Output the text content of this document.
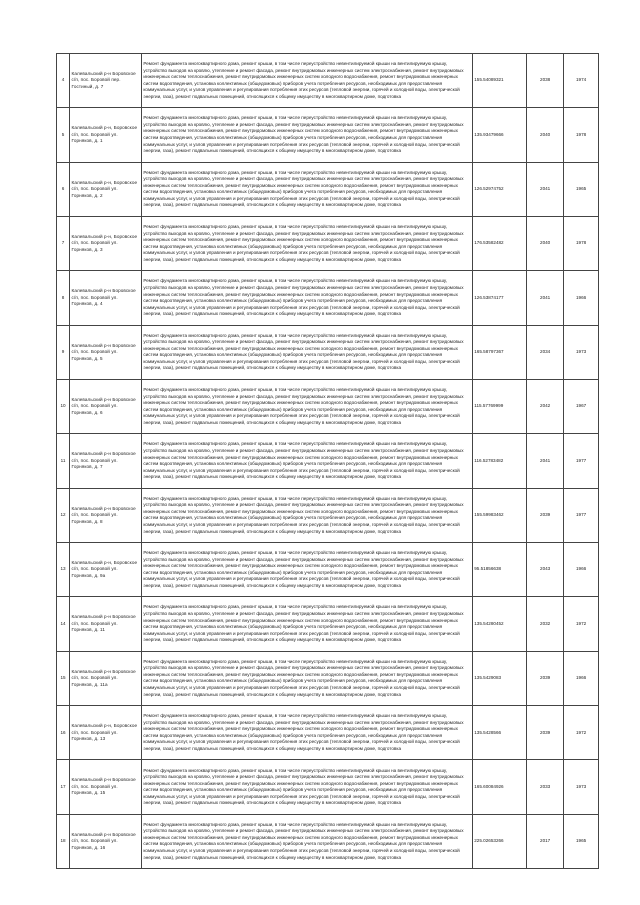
4	Калевальский р-н Боровское с/п, пос. Боровой пер. Гостиный, д. 7	Ремонт фундамента многоквартирного дома, ремонт крыши, в том числе переустройство невентилируемой крыши на вентилируемую крышу, устройство выходов на кровлю, утепление и ремонт фасада, ремонт внутридомовых инженерных систем электроснабжения, ремонт внутридомовых инженерных систем теплоснабжения, ремонт внутридомовых инженерных систем холодного водоснабжения, ремонт внутридомовых инженерных систем водоотведения, установка коллективных (общедомовых) приборов учета потребления ресурсов, необходимых для предоставления коммунальных услуг, и узлов управления и регулирования потребления этих ресурсов (тепловой энергии, горячей и холодной воды, электрической энергии, газа), ремонт подвальных помещений, относящихся к общему имуществу в многоквартирном доме, подготовка	155.54089321	2038	1974

5	Калевальский р-н, Боровское с/п, пос. Боровой ул. Горняков, д. 1	Ремонт фундамента многоквартирного дома, ремонт крыши, в том числе переустройство невентилируемой крыши на вентилируемую крышу, устройство выходов на кровлю, утепление и ремонт фасада, ремонт внутридомовых инженерных систем электроснабжения, ремонт внутридомовых инженерных систем теплоснабжения, ремонт внутридомовых инженерных систем холодного водоснабжения, ремонт внутридомовых инженерных систем водоотведения, установка коллективных (общедомовых) приборов учета потребления ресурсов, необходимых для предоставления коммунальных услуг, и узлов управления и регулирования потребления этих ресурсов (тепловой энергии, горячей и холодной воды, электрической энергии, газа), ремонт подвальных помещений, относящихся к общему имуществу в многоквартирном доме, подготовка	135.93479666	2040	1978

6	Калевальский р-н, Боровское с/п, пос. Боровой ул. Горняков, д. 2	Ремонт фундамента многоквартирного дома, ремонт крыши, в том числе переустройство невентилируемой крыши на вентилируемую крышу, устройство выходов на кровлю, утепление и ремонт фасада, ремонт внутридомовых инженерных систем электроснабжения, ремонт внутридомовых инженерных систем теплоснабжения, ремонт внутридомовых инженерных систем холодного водоснабжения, ремонт внутридомовых инженерных систем водоотведения, установка коллективных (общедомовых) приборов учета потребления ресурсов, необходимых для предоставления коммунальных услуг, и узлов управления и регулирования потребления этих ресурсов (тепловой энергии, горячей и холодной воды, электрической энергии, газа), ремонт подвальных помещений, относящихся к общему имуществу в многоквартирном доме, подготовка	126.52974752	2041	1965

7	Калевальский р-н, Боровское с/п, пос. Боровой ул. Горняков, д. 3	Ремонт фундамента многоквартирного дома, ремонт крыши, в том числе переустройство невентилируемой крыши на вентилируемую крышу, устройство выходов на кровлю, утепление и ремонт фасада, ремонт внутридомовых инженерных систем электроснабжения, ремонт внутридомовых инженерных систем теплоснабжения, ремонт внутридомовых инженерных систем холодного водоснабжения, ремонт внутридомовых инженерных систем водоотведения, установка коллективных (общедомовых) приборов учета потребления ресурсов, необходимых для предоставления коммунальных услуг, и узлов управления и регулирования потребления этих ресурсов (тепловой энергии, горячей и холодной воды, электрической энергии, газа), ремонт подвальных помещений, относящихся к общему имуществу в многоквартирном доме, подготовка	176.53582482	2040	1978

8	Калевальский р-н Боровское с/п, пос. Боровой ул. Горняков, д. 4	Ремонт фундамента многоквартирного дома, ремонт крыши, в том числе переустройство невентилируемой крыши на вентилируемую крышу, устройство выходов на кровлю, утепление и ремонт фасада, ремонт внутридомовых инженерных систем электроснабжения, ремонт внутридомовых инженерных систем теплоснабжения, ремонт внутридомовых инженерных систем холодного водоснабжения, ремонт внутридомовых инженерных систем водоотведения, установка коллективных (общедомовых) приборов учета потребления ресурсов, необходимых для предоставления коммунальных услуг, и узлов управления и регулирования потребления этих ресурсов (тепловой энергии, горячей и холодной воды, электрической энергии, газа), ремонт подвальных помещений, относящихся к общему имуществу в многоквартирном доме, подготовка	126.53874177	2041	1966

9	Калевальский р-н Боровское с/п, пос. Боровой ул. Горняков, д. 5	Ремонт фундамента многоквартирного дома, ремонт крыши, в том числе переустройство невентилируемой крыши на вентилируемую крышу, устройство выходов на кровлю, утепление и ремонт фасада, ремонт внутридомовых инженерных систем электроснабжения, ремонт внутридомовых инженерных систем теплоснабжения, ремонт внутридомовых инженерных систем холодного водоснабжения, ремонт внутридомовых инженерных систем водоотведения, установка коллективных (общедомовых) приборов учета потребления ресурсов, необходимых для предоставления коммунальных услуг, и узлов управления и регулирования потребления этих ресурсов (тепловой энергии, горячей и холодной воды, электрической энергии, газа), ремонт подвальных помещений, относящихся к общему имуществу в многоквартирном доме, подготовка	165.58797367	2034	1973

10	Калевальский р-н Боровское с/п, пос. Боровой ул. Горняков, д. 6	Ремонт фундамента многоквартирного дома, ремонт крыши, в том числе переустройство невентилируемой крыши на вентилируемую крышу, устройство выходов на кровлю, утепление и ремонт фасада, ремонт внутридомовых инженерных систем электроснабжения, ремонт внутридомовых инженерных систем теплоснабжения, ремонт внутридомовых инженерных систем холодного водоснабжения, ремонт внутридомовых инженерных систем водоотведения, установка коллективных (общедомовых) приборов учета потребления ресурсов, необходимых для предоставления коммунальных услуг, и узлов управления и регулирования потребления этих ресурсов (тепловой энергии, горячей и холодной воды, электрической энергии, газа), ремонт подвальных помещений, относящихся к общему имуществу в многоквартирном доме, подготовка	115.57769999	2042	1967

11	Калевальский р-н Боровское с/п, пос. Боровой ул. Горняков, д. 7	Ремонт фундамента многоквартирного дома, ремонт крыши, в том числе переустройство невентилируемой крыши на вентилируемую крышу, устройство выходов на кровлю, утепление и ремонт фасада, ремонт внутридомовых инженерных систем электроснабжения, ремонт внутридомовых инженерных систем теплоснабжения, ремонт внутридомовых инженерных систем холодного водоснабжения, ремонт внутридомовых инженерных систем водоотведения, установка коллективных (общедомовых) приборов учета потребления ресурсов, необходимых для предоставления коммунальных услуг, и узлов управления и регулирования потребления этих ресурсов (тепловой энергии, горячей и холодной воды, электрической энергии, газа), ремонт подвальных помещений, относящихся к общему имуществу в многоквартирном доме, подготовка	116.52783482	2041	1977

12	Калевальский р-н Боровское с/п, пос. Боровой ул. Горняков, д. 8	Ремонт фундамента многоквартирного дома, ремонт крыши, в том числе переустройство невентилируемой крыши на вентилируемую крышу, устройство выходов на кровлю, утепление и ремонт фасада, ремонт внутридомовых инженерных систем электроснабжения, ремонт внутридомовых инженерных систем теплоснабжения, ремонт внутридомовых инженерных систем холодного водоснабжения, ремонт внутридомовых инженерных систем водоотведения, установка коллективных (общедомовых) приборов учета потребления ресурсов, необходимых для предоставления коммунальных услуг, и узлов управления и регулирования потребления этих ресурсов (тепловой энергии, горячей и холодной воды, электрической энергии, газа), ремонт подвальных помещений, относящихся к общему имуществу в многоквартирном доме, подготовка	155.59983462	2039	1977

13	Калевальский р-н, Боровское с/п, пос. Боровой ул. Горняков, д. 9а	Ремонт фундамента многоквартирного дома, ремонт крыши, в том числе переустройство невентилируемой крыши на вентилируемую крышу, устройство выходов на кровлю, утепление и ремонт фасада, ремонт внутридомовых инженерных систем электроснабжения, ремонт внутридомовых инженерных систем теплоснабжения, ремонт внутридомовых инженерных систем холодного водоснабжения, ремонт внутридомовых инженерных систем водоотведения, установка коллективных (общедомовых) приборов учета потребления ресурсов, необходимых для предоставления коммунальных услуг, и узлов управления и регулирования потребления этих ресурсов (тепловой энергии, горячей и холодной воды, электрической энергии, газа), ремонт подвальных помещений, относящихся к общему имуществу в многоквартирном доме, подготовка	95.51856638	2043	1966

14	Калевальский р-н Боровское с/п, пос. Боровой ул. Горняков, д. 11	Ремонт фундамента многоквартирного дома, ремонт крыши, в том числе переустройство невентилируемой крыши на вентилируемую крышу, устройство выходов на кровлю, утепление и ремонт фасада, ремонт внутридомовых инженерных систем электроснабжения, ремонт внутридомовых инженерных систем теплоснабжения, ремонт внутридомовых инженерных систем холодного водоснабжения, ремонт внутридомовых инженерных систем водоотведения, установка коллективных (общедомовых) приборов учета потребления ресурсов, необходимых для предоставления коммунальных услуг, и узлов управления и регулирования потребления этих ресурсов (тепловой энергии, горячей и холодной воды, электрической энергии, газа), ремонт подвальных помещений, относящихся к общему имуществу в многоквартирном доме, подготовка	135.54280452	2032	1972

15	Калевальский р-н Боровское с/п, пос. Боровой ул. Горняков, д. 11а	Ремонт фундамента многоквартирного дома, ремонт крыши, в том числе переустройство невентилируемой крыши на вентилируемую крышу, устройство выходов на кровлю, утепление и ремонт фасада, ремонт внутридомовых инженерных систем электроснабжения, ремонт внутридомовых инженерных систем теплоснабжения, ремонт внутридомовых инженерных систем холодного водоснабжения, ремонт внутридомовых инженерных систем водоотведения, установка коллективных (общедомовых) приборов учета потребления ресурсов, необходимых для предоставления коммунальных услуг, и узлов управления и регулирования потребления этих ресурсов (тепловой энергии, горячей и холодной воды, электрической энергии, газа), ремонт подвальных помещений, относящихся к общему имуществу в многоквартирном доме, подготовка	135.5429083	2039	1966

16	Калевальский р-н, Боровское с/п, пос. Боровой ул. Горняков, д. 13	Ремонт фундамента многоквартирного дома, ремонт крыши, в том числе переустройство невентилируемой крыши на вентилируемую крышу, устройство выходов на кровлю, утепление и ремонт фасада, ремонт внутридомовых инженерных систем электроснабжения, ремонт внутридомовых инженерных систем теплоснабжения, ремонт внутридомовых инженерных систем холодного водоснабжения, ремонт внутридомовых инженерных систем водоотведения, установка коллективных (общедомовых) приборов учета потребления ресурсов, необходимых для предоставления коммунальных услуг, и узлов управления и регулирования потребления этих ресурсов (тепловой энергии, горячей и холодной воды, электрической энергии, газа), ремонт подвальных помещений, относящихся к общему имуществу в многоквартирном доме, подготовка	135.5428566	2039	1972

17	Калевальский р-н Боровское с/п, пос. Боровой ул. Горняков, д. 15	Ремонт фундамента многоквартирного дома, ремонт крыши, в том числе переустройство невентилируемой крыши на вентилируемую крышу, устройство выходов на кровлю, утепление и ремонт фасада, ремонт внутридомовых инженерных систем электроснабжения, ремонт внутридомовых инженерных систем теплоснабжения, ремонт внутридомовых инженерных систем холодного водоснабжения, ремонт внутридомовых инженерных систем водоотведения, установка коллективных (общедомовых) приборов учета потребления ресурсов, необходимых для предоставления коммунальных услуг, и узлов управления и регулирования потребления этих ресурсов (тепловой энергии, горячей и холодной воды, электрической энергии, газа), ремонт подвальных помещений, относящихся к общему имуществу в многоквартирном доме, подготовка	165.60084926	2033	1973

18	Калевальский р-н Боровское с/п, пос. Боровой ул. Горняков, д. 16	Ремонт фундамента многоквартирного дома, ремонт крыши, в том числе переустройство невентилируемой крыши на вентилируемую крышу, устройство выходов на кровлю, утепление и ремонт фасада, ремонт внутридомовых инженерных систем электроснабжения, ремонт внутридомовых инженерных систем теплоснабжения, ремонт внутридомовых инженерных систем холодного водоснабжения, ремонт внутридомовых инженерных систем водоотведения, установка коллективных (общедомовых) приборов учета потребления ресурсов, необходимых для предоставления коммунальных услуг, и узлов управления и регулирования потребления этих ресурсов (тепловой энергии, горячей и холодной воды, электрической энергии, газа), ремонт подвальных помещений, относящихся к общему имуществу в многоквартирном доме, подготовка	225.02653266	2017	1965
